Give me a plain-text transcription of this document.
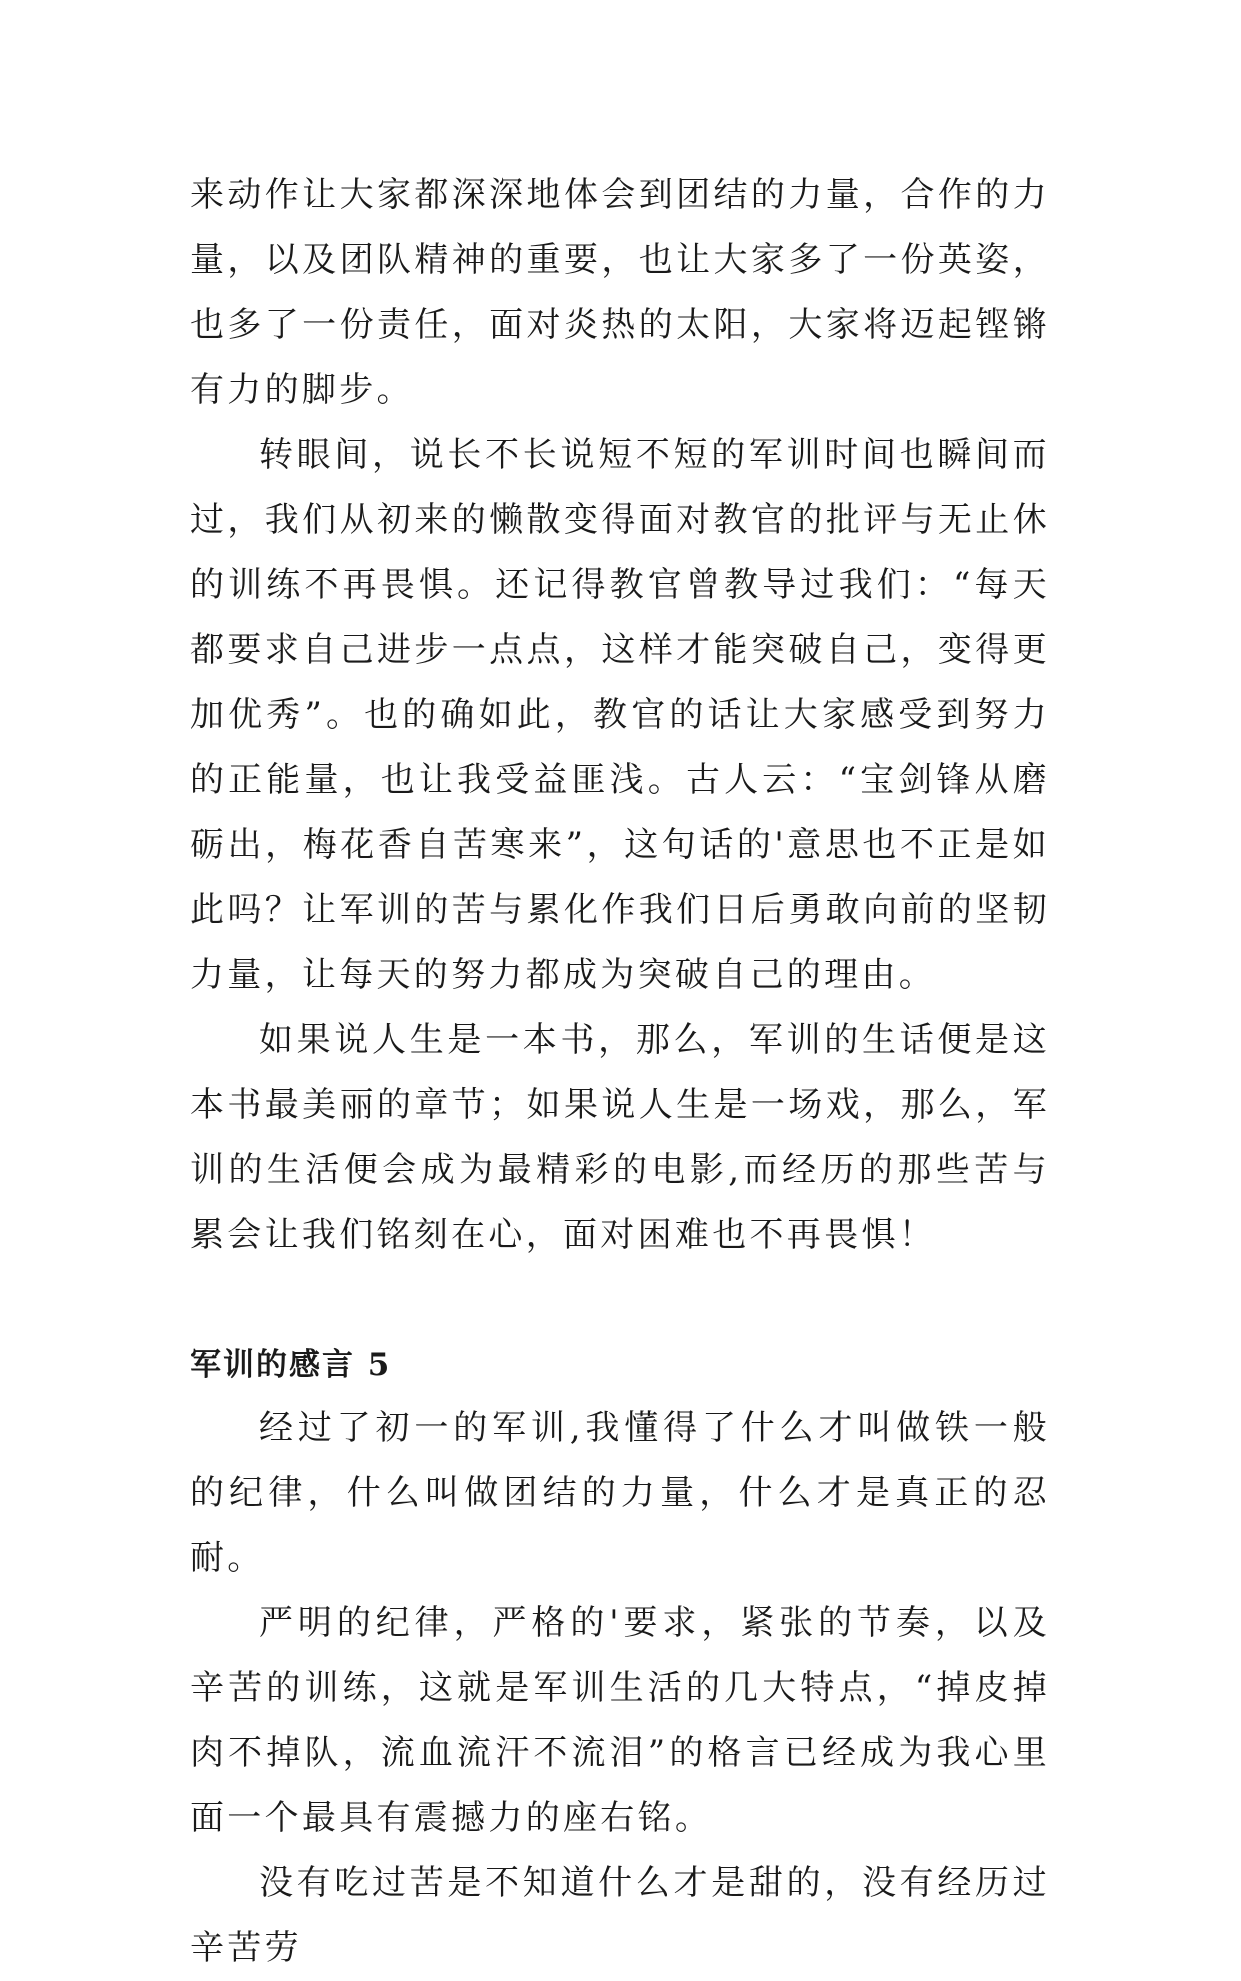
来动作让大家都深深地体会到团结的力量，合作的力量，以及团队精神的重要，也让大家多了一份英姿，也多了一份责任，面对炎热的太阳，大家将迈起铿锵有力的脚步。

转眼间，说长不长说短不短的军训时间也瞬间而过，我们从初来的懒散变得面对教官的批评与无止休的训练不再畏惧。还记得教官曾教导过我们：“每天都要求自己进步一点点，这样才能突破自己，变得更加优秀”。也的确如此，教官的话让大家感受到努力的正能量，也让我受益匪浅。古人云：“宝剑锋从磨砺出，梅花香自苦寒来”，这句话的'意思也不正是如此吗？让军训的苦与累化作我们日后勇敢向前的坚韧力量，让每天的努力都成为突破自己的理由。

如果说人生是一本书，那么，军训的生话便是这本书最美丽的章节；如果说人生是一场戏，那么，军训的生活便会成为最精彩的电影,而经历的那些苦与累会让我们铭刻在心，面对困难也不再畏惧！

军训的感言 5

经过了初一的军训,我懂得了什么才叫做铁一般的纪律，什么叫做团结的力量，什么才是真正的忍耐。

严明的纪律，严格的'要求，紧张的节奏，以及辛苦的训练，这就是军训生活的几大特点，“掉皮掉肉不掉队，流血流汗不流泪”的格言已经成为我心里面一个最具有震撼力的座右铭。

没有吃过苦是不知道什么才是甜的，没有经历过辛苦劳
